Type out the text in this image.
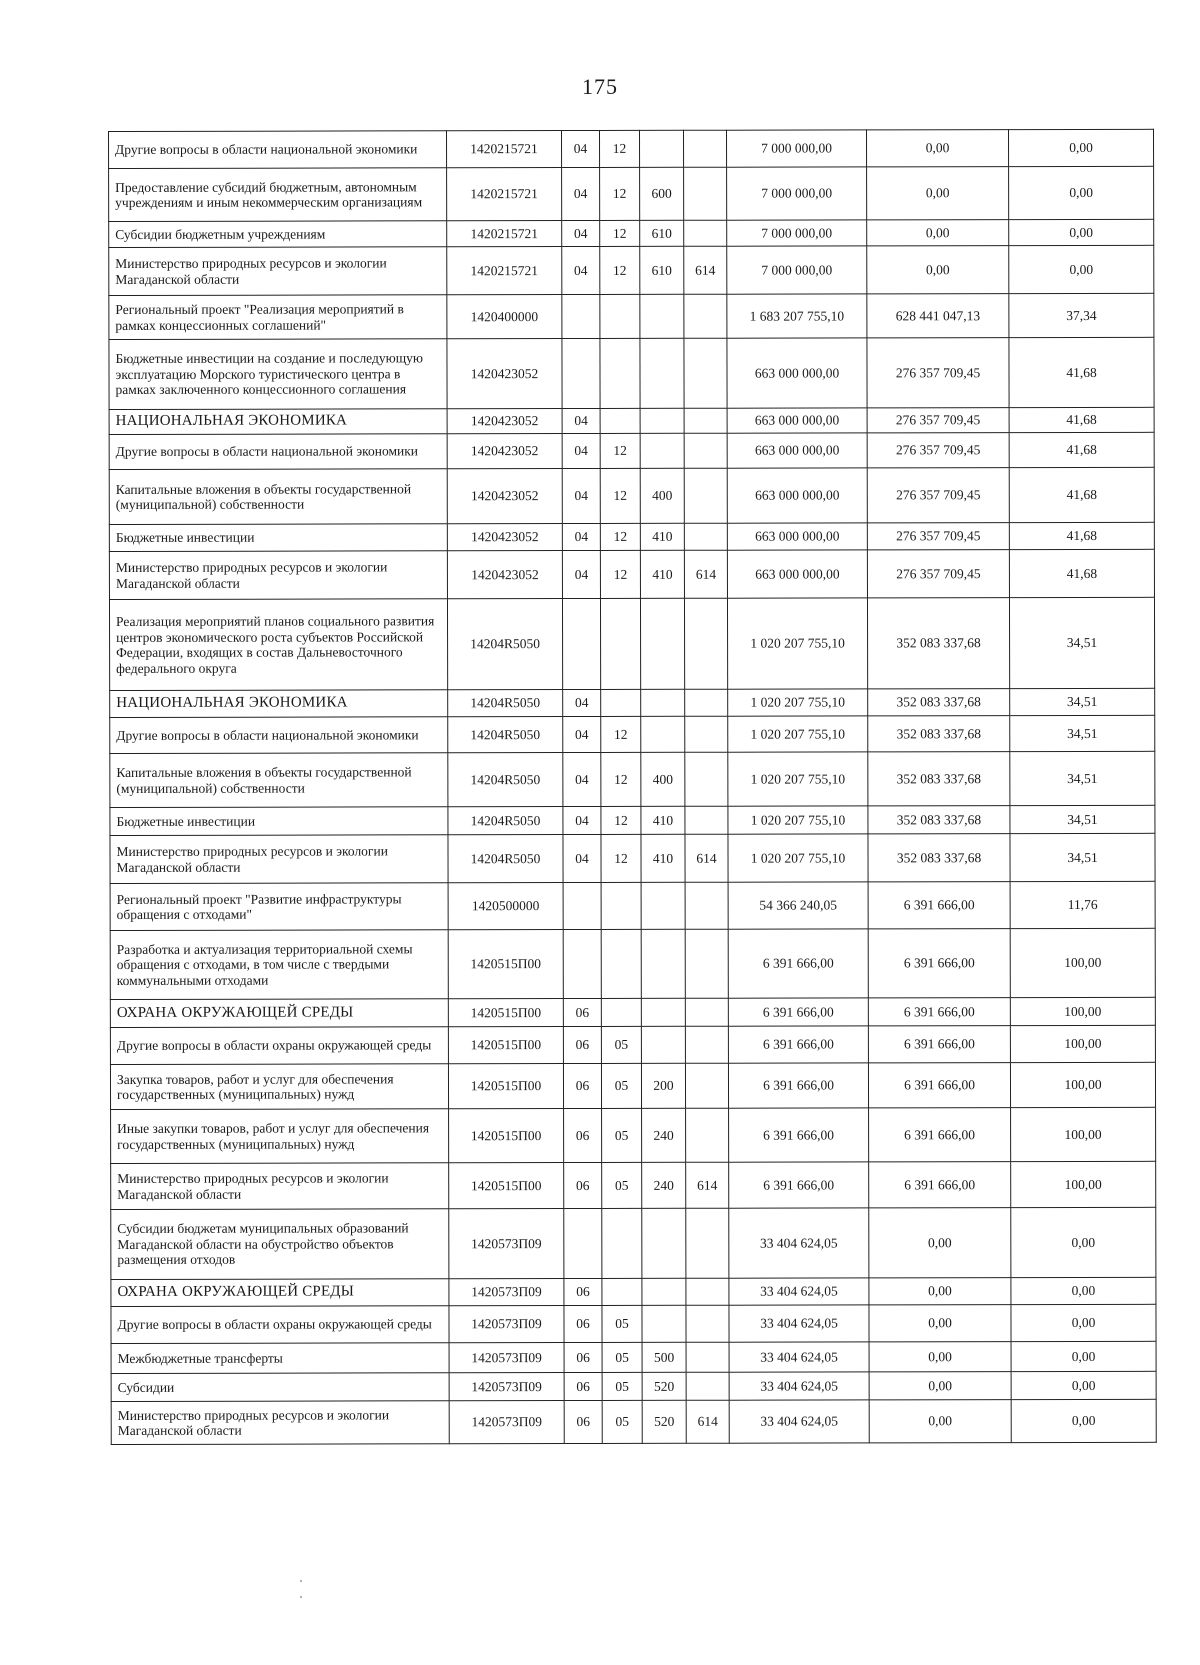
175
Другие вопросы в области национальной экономики	1420215721	04	12			7 000 000,00	0,00	0,00
Предоставление субсидий бюджетным, автономным учреждениям и иным некоммерческим организациям	1420215721	04	12	600		7 000 000,00	0,00	0,00
Субсидии бюджетным учреждениям	1420215721	04	12	610		7 000 000,00	0,00	0,00
Министерство природных ресурсов и экологии Магаданской области	1420215721	04	12	610	614	7 000 000,00	0,00	0,00
Региональный проект "Реализация мероприятий в рамках концессионных соглашений"	1420400000					1 683 207 755,10	628 441 047,13	37,34
Бюджетные инвестиции на создание и последующую эксплуатацию Морского туристического центра в рамках заключенного концессионного соглашения	1420423052					663 000 000,00	276 357 709,45	41,68
НАЦИОНАЛЬНАЯ ЭКОНОМИКА	1420423052	04				663 000 000,00	276 357 709,45	41,68
Другие вопросы в области национальной экономики	1420423052	04	12			663 000 000,00	276 357 709,45	41,68
Капитальные вложения в объекты государственной (муниципальной) собственности	1420423052	04	12	400		663 000 000,00	276 357 709,45	41,68
Бюджетные инвестиции	1420423052	04	12	410		663 000 000,00	276 357 709,45	41,68
Министерство природных ресурсов и экологии Магаданской области	1420423052	04	12	410	614	663 000 000,00	276 357 709,45	41,68
Реализация мероприятий планов социального развития центров экономического роста субъектов Российской Федерации, входящих в состав Дальневосточного федерального округа	14204R5050					1 020 207 755,10	352 083 337,68	34,51
НАЦИОНАЛЬНАЯ ЭКОНОМИКА	14204R5050	04				1 020 207 755,10	352 083 337,68	34,51
Другие вопросы в области национальной экономики	14204R5050	04	12			1 020 207 755,10	352 083 337,68	34,51
Капитальные вложения в объекты государственной (муниципальной) собственности	14204R5050	04	12	400		1 020 207 755,10	352 083 337,68	34,51
Бюджетные инвестиции	14204R5050	04	12	410		1 020 207 755,10	352 083 337,68	34,51
Министерство природных ресурсов и экологии Магаданской области	14204R5050	04	12	410	614	1 020 207 755,10	352 083 337,68	34,51
Региональный проект "Развитие инфраструктуры обращения с отходами"	1420500000					54 366 240,05	6 391 666,00	11,76
Разработка и актуализация территориальной схемы обращения с отходами, в том числе с твердыми коммунальными отходами	1420515П00					6 391 666,00	6 391 666,00	100,00
ОХРАНА ОКРУЖАЮЩЕЙ СРЕДЫ	1420515П00	06				6 391 666,00	6 391 666,00	100,00
Другие вопросы в области охраны окружающей среды	1420515П00	06	05			6 391 666,00	6 391 666,00	100,00
Закупка товаров, работ и услуг для обеспечения государственных (муниципальных) нужд	1420515П00	06	05	200		6 391 666,00	6 391 666,00	100,00
Иные закупки товаров, работ и услуг для обеспечения государственных (муниципальных) нужд	1420515П00	06	05	240		6 391 666,00	6 391 666,00	100,00
Министерство природных ресурсов и экологии Магаданской области	1420515П00	06	05	240	614	6 391 666,00	6 391 666,00	100,00
Субсидии бюджетам муниципальных образований Магаданской области на обустройство объектов размещения отходов	1420573П09					33 404 624,05	0,00	0,00
ОХРАНА ОКРУЖАЮЩЕЙ СРЕДЫ	1420573П09	06				33 404 624,05	0,00	0,00
Другие вопросы в области охраны окружающей среды	1420573П09	06	05			33 404 624,05	0,00	0,00
Межбюджетные трансферты	1420573П09	06	05	500		33 404 624,05	0,00	0,00
Субсидии	1420573П09	06	05	520		33 404 624,05	0,00	0,00
Министерство природных ресурсов и экологии Магаданской области	1420573П09	06	05	520	614	33 404 624,05	0,00	0,00
